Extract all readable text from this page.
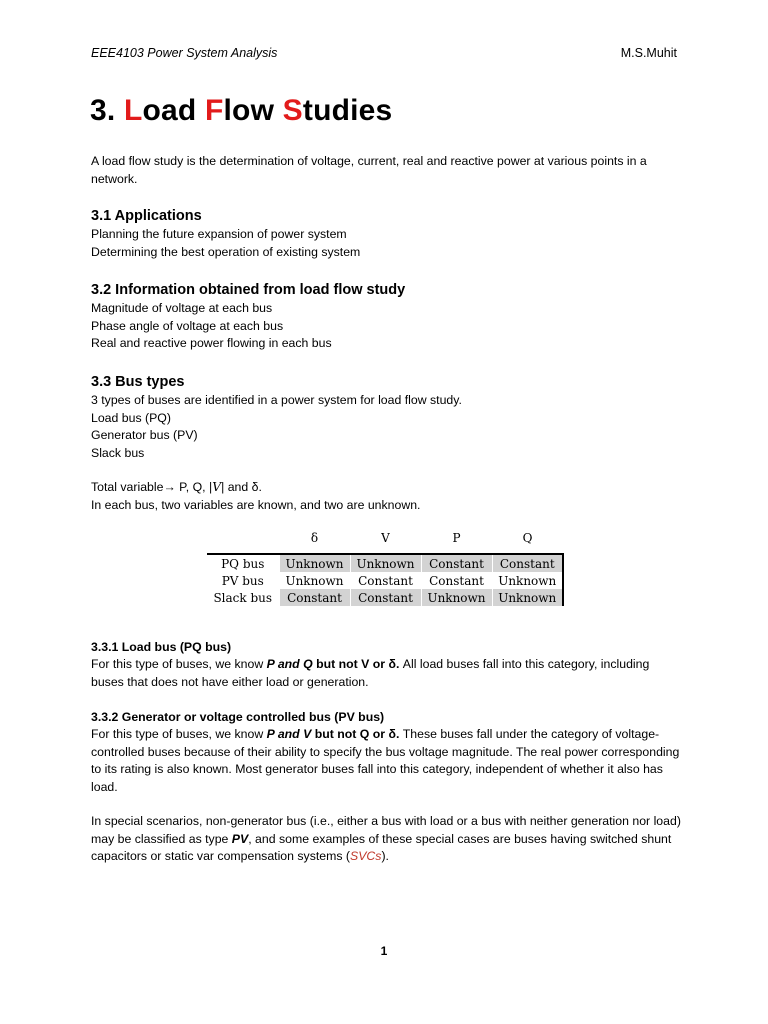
EEE4103 Power System Analysis	M.S.Muhit
3. Load Flow Studies
A load flow study is the determination of voltage, current, real and reactive power at various points in a network.
3.1 Applications
Planning the future expansion of power system
Determining the best operation of existing system
3.2 Information obtained from load flow study
Magnitude of voltage at each bus
Phase angle of voltage at each bus
Real and reactive power flowing in each bus
3.3 Bus types
3 types of buses are identified in a power system for load flow study.
Load bus (PQ)
Generator bus (PV)
Slack bus
Total variable→ P, Q, |V| and δ.
In each bus, two variables are known, and two are unknown.
	δ	V	P	Q
PQ bus	Unknown	Unknown	Constant	Constant
PV bus	Unknown	Constant	Constant	Unknown
Slack bus	Constant	Constant	Unknown	Unknown
3.3.1 Load bus (PQ bus)
For this type of buses, we know P and Q but not V or δ. All load buses fall into this category, including buses that does not have either load or generation.
3.3.2 Generator or voltage controlled bus (PV bus)
For this type of buses, we know P and V but not Q or δ. These buses fall under the category of voltage-controlled buses because of their ability to specify the bus voltage magnitude. The real power corresponding to its rating is also known. Most generator buses fall into this category, independent of whether it also has load.
In special scenarios, non-generator bus (i.e., either a bus with load or a bus with neither generation nor load) may be classified as type PV, and some examples of these special cases are buses having switched shunt capacitors or static var compensation systems (SVCs).
1
